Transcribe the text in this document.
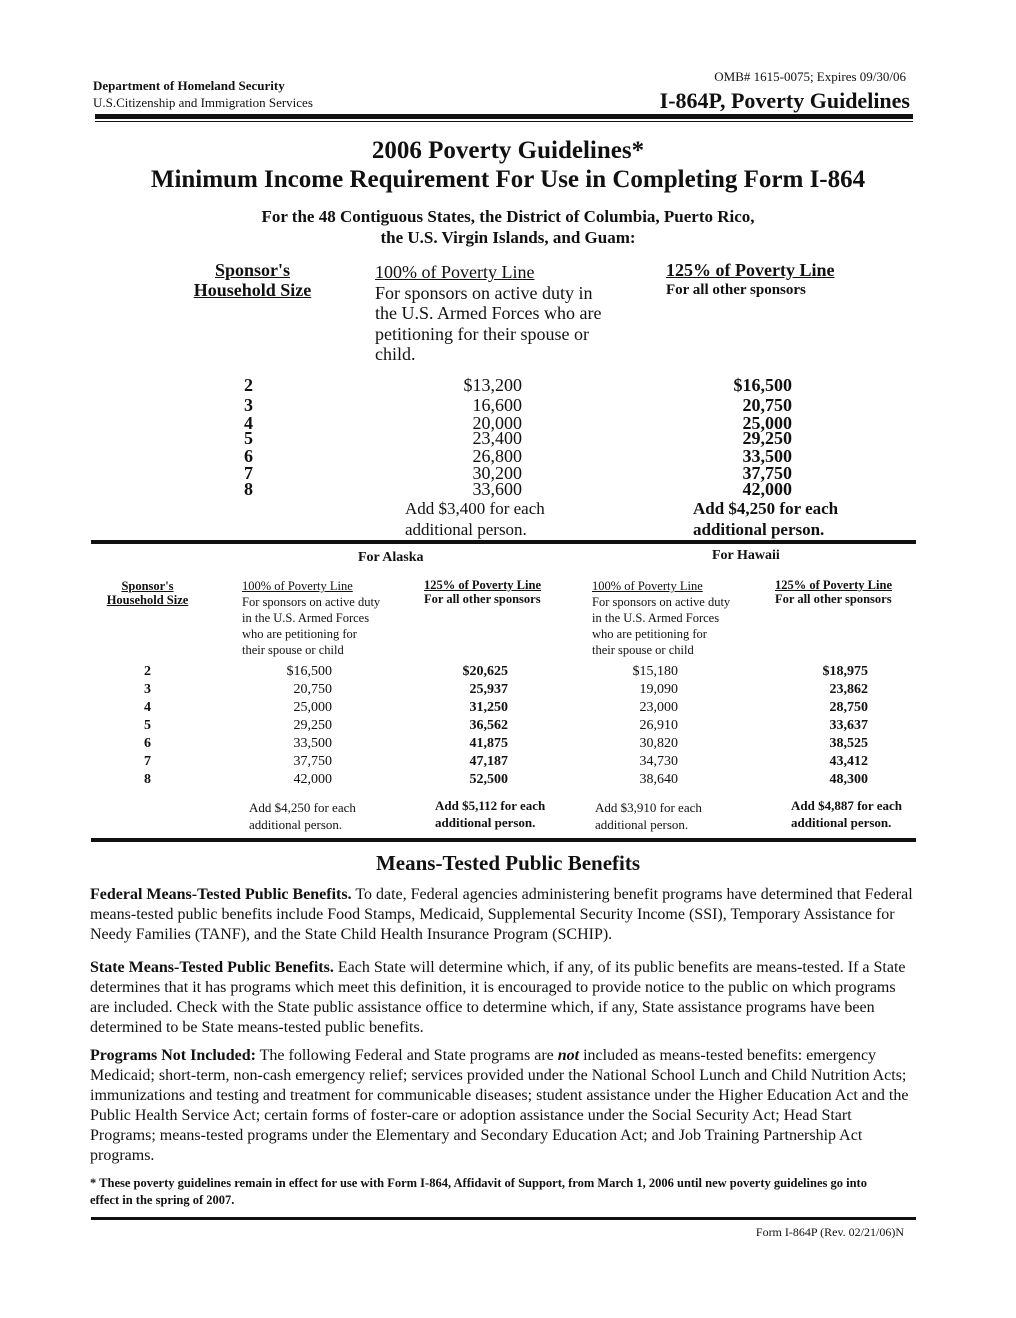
Department of Homeland Security
U.S.Citizenship and Immigration Services
OMB# 1615-0075; Expires 09/30/06
I-864P, Poverty Guidelines
2006 Poverty Guidelines*
Minimum Income Requirement For Use in Completing Form I-864
For the 48 Contiguous States, the District of Columbia, Puerto Rico,
the U.S. Virgin Islands, and Guam:
Sponsor's
Household Size
100% of Poverty Line
For sponsors on active duty in the U.S. Armed Forces who are petitioning for their spouse or child.
125% of Poverty Line
For all other sponsors
2	$13,200	$16,500
3	16,600	20,750
4	20,000	25,000
5	23,400	29,250
6	26,800	33,500
7	30,200	37,750
8	33,600	42,000
Add $3,400 for each
additional person.
Add $4,250 for each
additional person.
For Alaska	For Hawaii
Sponsor's
Household Size
100% of Poverty Line
For sponsors on active duty
in the U.S. Armed Forces
who are petitioning for
their spouse or child
125% of Poverty Line
For all other sponsors
100% of Poverty Line
For sponsors on active duty
in the U.S. Armed Forces
who are petitioning for
their spouse or child
125% of Poverty Line
For all other sponsors
2	$16,500	$20,625	$15,180	$18,975
3	20,750	25,937	19,090	23,862
4	25,000	31,250	23,000	28,750
5	29,250	36,562	26,910	33,637
6	33,500	41,875	30,820	38,525
7	37,750	47,187	34,730	43,412
8	42,000	52,500	38,640	48,300
Add $4,250 for each
additional person.
Add $5,112 for each
additional person.
Add $3,910 for each
additional person.
Add $4,887 for each
additional person.
Means-Tested Public Benefits
Federal Means-Tested Public Benefits. To date, Federal agencies administering benefit programs have determined that Federal means-tested public benefits include Food Stamps, Medicaid, Supplemental Security Income (SSI), Temporary Assistance for Needy Families (TANF), and the State Child Health Insurance Program (SCHIP).
State Means-Tested Public Benefits. Each State will determine which, if any, of its public benefits are means-tested. If a State determines that it has programs which meet this definition, it is encouraged to provide notice to the public on which programs are included. Check with the State public assistance office to determine which, if any, State assistance programs have been determined to be State means-tested public benefits.
Programs Not Included: The following Federal and State programs are not included as means-tested benefits: emergency Medicaid; short-term, non-cash emergency relief; services provided under the National School Lunch and Child Nutrition Acts; immunizations and testing and treatment for communicable diseases; student assistance under the Higher Education Act and the Public Health Service Act; certain forms of foster-care or adoption assistance under the Social Security Act; Head Start Programs; means-tested programs under the Elementary and Secondary Education Act; and Job Training Partnership Act programs.
* These poverty guidelines remain in effect for use with Form I-864, Affidavit of Support, from March 1, 2006 until new poverty guidelines go into effect in the spring of 2007.
Form I-864P (Rev. 02/21/06)N
